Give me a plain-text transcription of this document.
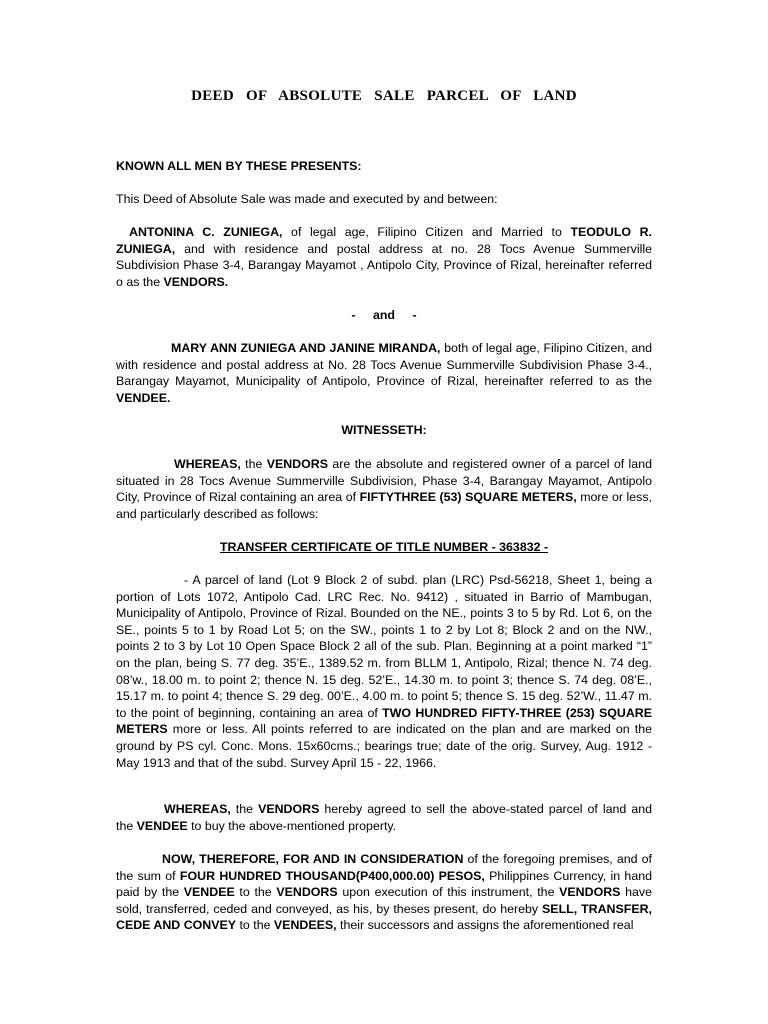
DEED OF ABSOLUTE SALE PARCEL OF LAND
KNOWN ALL MEN BY THESE PRESENTS:
This Deed of Absolute Sale was made and executed by and between:
ANTONINA C. ZUNIEGA, of legal age, Filipino Citizen and Married to TEODULO R. ZUNIEGA, and with residence and postal address at no. 28 Tocs Avenue Summerville Subdivision Phase 3-4, Barangay Mayamot , Antipolo City, Province of Rizal, hereinafter referred o as the VENDORS.
- and -
MARY ANN ZUNIEGA AND JANINE MIRANDA, both of legal age, Filipino Citizen, and with residence and postal address at No. 28 Tocs Avenue Summerville Subdivision Phase 3-4., Barangay Mayamot, Municipality of Antipolo, Province of Rizal, hereinafter referred to as the VENDEE.
WITNESSETH:
WHEREAS, the VENDORS are the absolute and registered owner of a parcel of land situated in 28 Tocs Avenue Summerville Subdivision, Phase 3-4, Barangay Mayamot, Antipolo City, Province of Rizal containing an area of FIFTYTHREE (53) SQUARE METERS, more or less, and particularly described as follows:
TRANSFER CERTIFICATE OF TITLE NUMBER - 363832 -
- A parcel of land (Lot 9 Block 2 of subd. plan (LRC) Psd-56218, Sheet 1, being a portion of Lots 1072, Antipolo Cad. LRC Rec. No. 9412) , situated in Barrio of Mambugan, Municipality of Antipolo, Province of Rizal. Bounded on the NE., points 3 to 5 by Rd. Lot 6, on the SE., points 5 to 1 by Road Lot 5; on the SW., points 1 to 2 by Lot 8; Block 2 and on the NW., points 2 to 3 by Lot 10 Open Space Block 2 all of the sub. Plan. Beginning at a point marked “1” on the plan, being S. 77 deg. 35’E., 1389.52 m. from BLLM 1, Antipolo, Rizal; thence N. 74 deg. 08’w., 18.00 m. to point 2; thence N. 15 deg. 52’E., 14.30 m. to point 3; thence S. 74 deg. 08’E., 15.17 m. to point 4; thence S. 29 deg. 00’E., 4.00 m. to point 5; thence S. 15 deg. 52’W., 11.47 m. to the point of beginning, containing an area of TWO HUNDRED FIFTY-THREE (253) SQUARE METERS more or less. All points referred to are indicated on the plan and are marked on the ground by PS cyl. Conc. Mons. 15x60cms.; bearings true; date of the orig. Survey, Aug. 1912 - May 1913 and that of the subd. Survey April 15 - 22, 1966.
WHEREAS, the VENDORS hereby agreed to sell the above-stated parcel of land and the VENDEE to buy the above-mentioned property.
NOW, THEREFORE, FOR AND IN CONSIDERATION of the foregoing premises, and of the sum of FOUR HUNDRED THOUSAND(P400,000.00) PESOS, Philippines Currency, in hand paid by the VENDEE to the VENDORS upon execution of this instrument, the VENDORS have sold, transferred, ceded and conveyed, as his, by theses present, do hereby SELL, TRANSFER, CEDE AND CONVEY to the VENDEES, their successors and assigns the aforementioned real
